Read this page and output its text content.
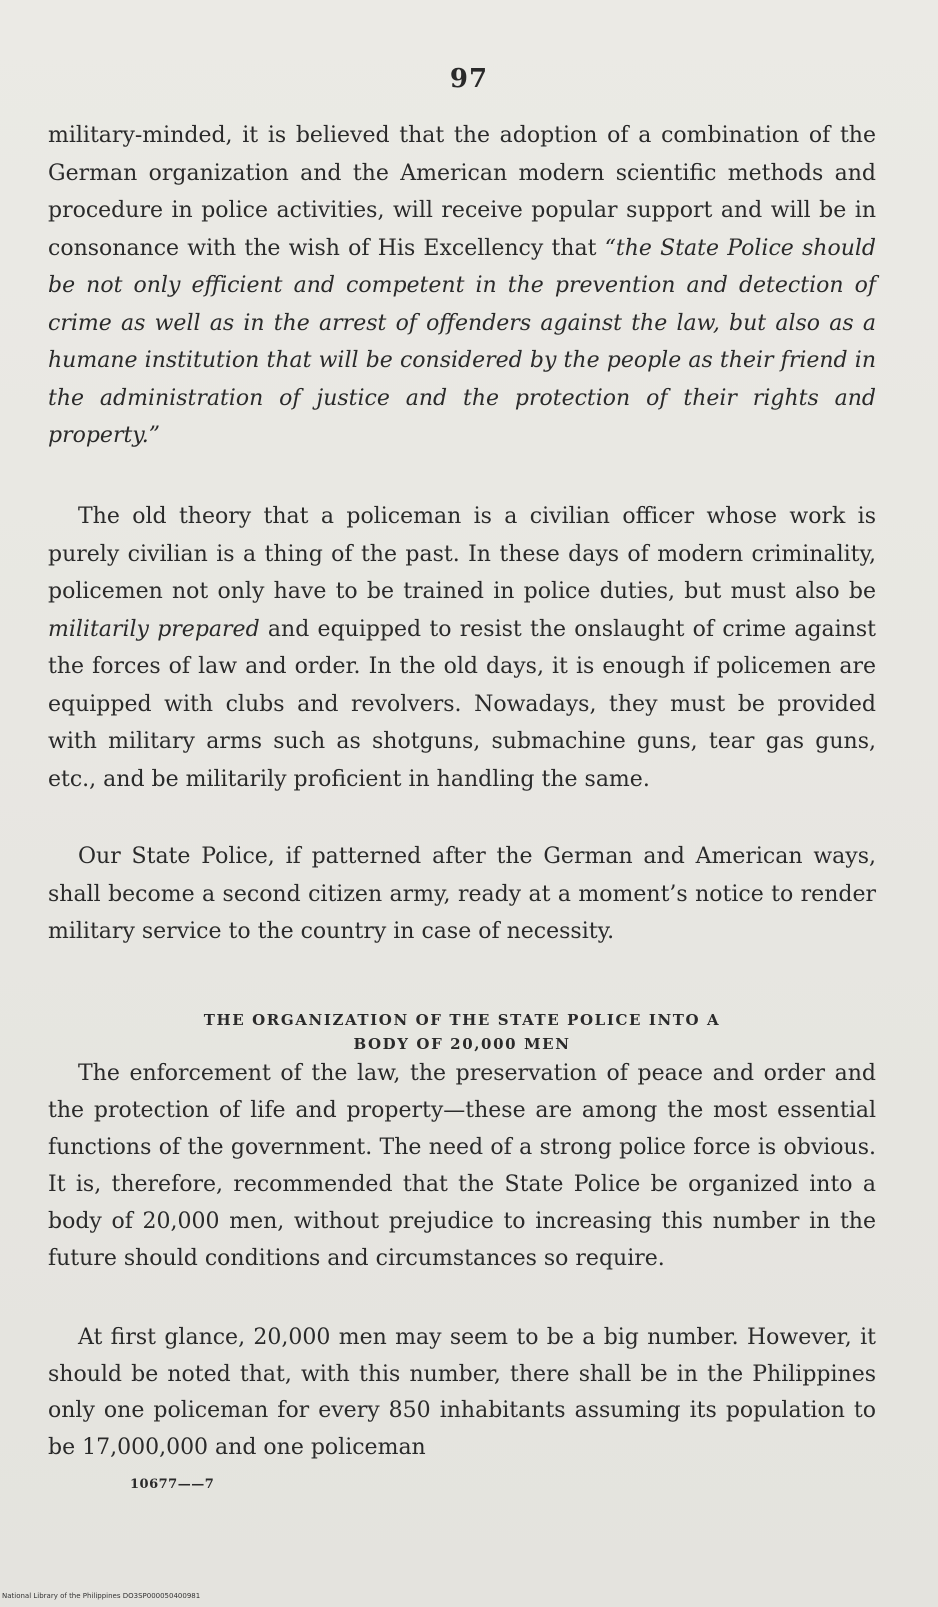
97

military-minded, it is believed that the adoption of a combination of the German organization and the American modern scientific methods and procedure in police activities, will receive popular support and will be in consonance with the wish of His Excellency that “the State Police should be not only efficient and competent in the prevention and detection of crime as well as in the arrest of offenders against the law, but also as a humane institution that will be considered by the people as their friend in the administration of justice and the protection of their rights and property.”

The old theory that a policeman is a civilian officer whose work is purely civilian is a thing of the past. In these days of modern criminality, policemen not only have to be trained in police duties, but must also be militarily prepared and equipped to resist the onslaught of crime against the forces of law and order. In the old days, it is enough if policemen are equipped with clubs and revolvers. Nowadays, they must be provided with military arms such as shotguns, submachine guns, tear gas guns, etc., and be militarily proficient in handling the same.

Our State Police, if patterned after the German and American ways, shall become a second citizen army, ready at a moment’s notice to render military service to the country in case of necessity.

THE ORGANIZATION OF THE STATE POLICE INTO A
BODY OF 20,000 MEN

The enforcement of the law, the preservation of peace and order and the protection of life and property—these are among the most essential functions of the government. The need of a strong police force is obvious. It is, therefore, recommended that the State Police be organized into a body of 20,000 men, without prejudice to increasing this number in the future should conditions and circumstances so require.

At first glance, 20,000 men may seem to be a big number. However, it should be noted that, with this number, there shall be in the Philippines only one policeman for every 850 inhabitants assuming its population to be 17,000,000 and one policeman

10677——7
National Library of the Philippines DO3SP000050400981
